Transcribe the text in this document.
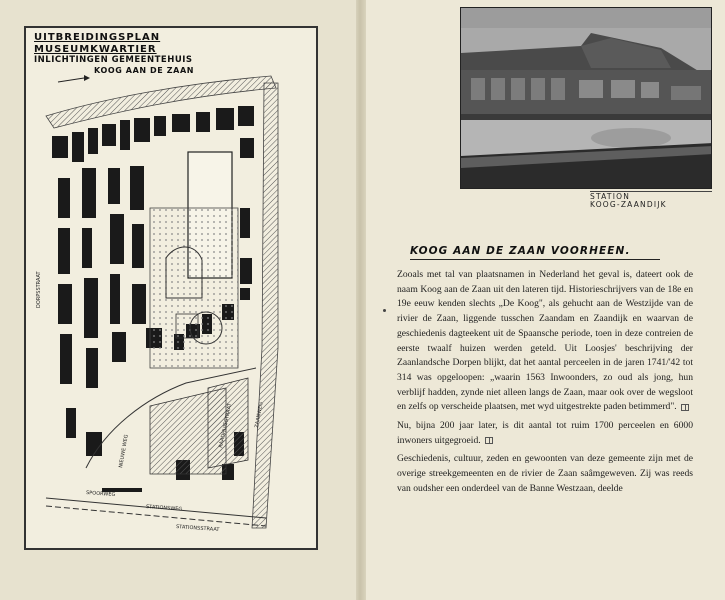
DORPSSTRAAT
ZAANWEG
NIEUWE WEG
RAADHUISSTRAAT
STATIONSWEG
SPOORWEG
STATIONSSTRAAT
UITBREIDINGSPLAN
MUSEUMKWARTIER
INLICHTINGEN GEMEENTEHUIS
KOOG AAN DE ZAAN
STATION
KOOG-ZAANDIJK
KOOG AAN DE ZAAN VOORHEEN.

Zooals met tal van plaatsnamen in Nederland het geval is, dateert ook de naam Koog aan de Zaan uit den lateren tijd. Historieschrijvers van de 18e en 19e eeuw kenden slechts „De Koog", als gehucht aan de Westzijde van de rivier de Zaan, liggende tusschen Zaandam en Zaandijk en waarvan de geschiedenis dagteekent uit de Spaansche periode, toen in deze contreien de eerste twaalf huizen werden geteld. Uit Loosjes' beschrijving der Zaanlandsche Dorpen blijkt, dat het aantal perceelen in de jaren 1741/'42 tot 314 was opgeloopen: „waarin 1563 Inwoonders, zo oud als jong, hun verblijf hadden, zynde niet alleen langs de Zaan, maar ook over de wegsloot en zelfs op verscheide plaatsen, met wyd uitgestrekte paden betimmerd".

Nu, bijna 200 jaar later, is dit aantal tot ruim 1700 perceelen en 6000 inwoners uitgegroeid.

Geschiedenis, cultuur, zeden en gewoonten van deze gemeente zijn met de overige streekgemeenten en de rivier de Zaan saâmgeweven. Zij was reeds van oudsher een onderdeel van de Banne Westzaan, deelde
